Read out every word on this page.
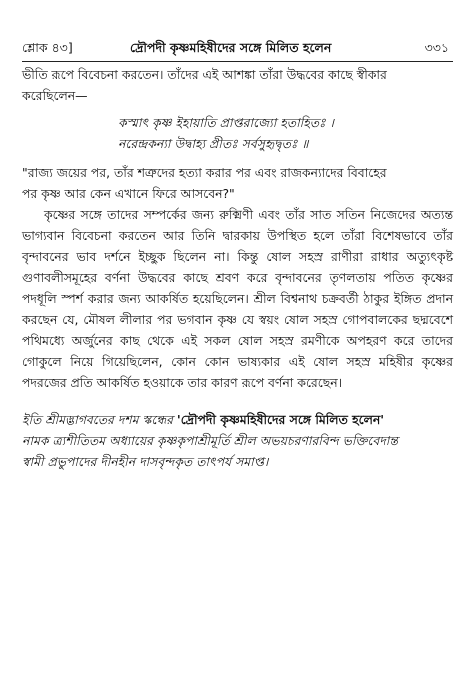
শ্লোক ৪৩]	দ্রৌপদী কৃষ্ণমহিষীদের সঙ্গে মিলিত হলেন	৩৩১

ভীতি রূপে বিবেচনা করতেন। তাঁদের এই আশঙ্কা তাঁরা উদ্ধবের কাছে স্বীকার
করেছিলেন—

কস্মাৎ কৃষ্ণ ইহায়াতি প্রাপ্তরাজ্যো হতাহিতঃ ।
নরেন্দ্রকন্যা উদ্বাহ্য প্রীতঃ সর্বসুহৃদ্বৃতঃ ॥

"রাজ্য জয়ের পর, তাঁর শত্রুদের হত্যা করার পর এবং রাজকন্যাদের বিবাহের
পর কৃষ্ণ আর কেন এখানে ফিরে আসবেন?"

কৃষ্ণের সঙ্গে তাদের সম্পর্কের জন্য রুক্মিণী এবং তাঁর সাত সতিন নিজেদের অত্যন্ত ভাগ্যবান বিবেচনা করতেন আর তিনি দ্বারকায় উপস্থিত হলে তাঁরা বিশেষভাবে তাঁর বৃন্দাবনের ভাব দর্শনে ইচ্ছুক ছিলেন না। কিন্তু ষোল সহস্র রাণীরা রাধার অত্যুৎকৃষ্ট গুণাবলীসমূহের বর্ণনা উদ্ধবের কাছে শ্রবণ করে বৃন্দাবনের তৃণলতায় পতিত কৃষ্ণের পদধূলি স্পর্শ করার জন্য আকর্ষিত হয়েছিলেন। শ্রীল বিশ্বনাথ চক্রবর্তী ঠাকুর ইঙ্গিত প্রদান করছেন যে, মৌষল লীলার পর ভগবান কৃষ্ণ যে স্বয়ং ষোল সহস্র গোপবালকের ছদ্মবেশে পথিমধ্যে অর্জুনের কাছ থেকে এই সকল ষোল সহস্র রমণীকে অপহরণ করে তাদের গোকুলে নিয়ে গিয়েছিলেন, কোন কোন ভাষ্যকার এই ষোল সহস্র মহিষীর কৃষ্ণের পদরজের প্রতি আকর্ষিত হওয়াকে তার কারণ রূপে বর্ণনা করেছেন।

ইতি শ্রীমদ্ভাগবতের দশম স্কন্ধের 'দ্রৌপদী কৃষ্ণমহিষীদের সঙ্গে মিলিত হলেন'
নামক ত্র্যশীতিতম অধ্যায়ের কৃষ্ণকৃপাশ্রীমূর্তি শ্রীল অভয়চরণারবিন্দ ভক্তিবেদান্ত
স্বামী প্রভুপাদের দীনহীন দাসবৃন্দকৃত তাৎপর্য সমাপ্ত।
